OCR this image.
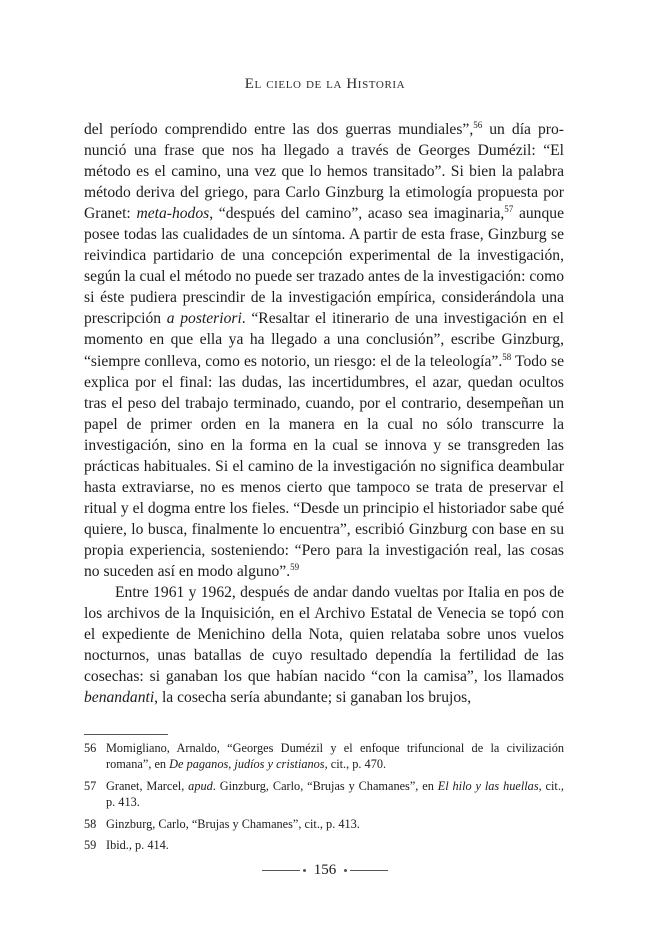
El cielo de la Historia

del período comprendido entre las dos guerras mundiales”,$^{56}$ un día pronunció una frase que nos ha llegado a través de Georges Dumézil: “El método es el camino, una vez que lo hemos transitado”. Si bien la palabra método deriva del griego, para Carlo Ginzburg la etimología propuesta por Granet: meta-hodos, “después del camino”, acaso sea imaginaria,$^{57}$ aunque posee todas las cualidades de un síntoma. A partir de esta frase, Ginzburg se reivindica partidario de una concepción experimental de la investigación, según la cual el método no puede ser trazado antes de la investigación: como si éste pudiera prescindir de la investigación empírica, considerándola una prescripción a posteriori. “Resaltar el itinerario de una investigación en el momento en que ella ya ha llegado a una conclusión”, escribe Ginzburg, “siempre conlleva, como es notorio, un riesgo: el de la teleología”.$^{58}$ Todo se explica por el final: las dudas, las incertidumbres, el azar, quedan ocultos tras el peso del trabajo terminado, cuando, por el contrario, desempeñan un papel de primer orden en la manera en la cual no sólo transcurre la investigación, sino en la forma en la cual se innova y se transgreden las prácticas habituales. Si el camino de la investigación no significa deambular hasta extraviarse, no es menos cierto que tampoco se trata de preservar el ritual y el dogma entre los fieles. “Desde un principio el historiador sabe qué quiere, lo busca, finalmente lo encuentra”, escribió Ginzburg con base en su propia experiencia, sosteniendo: “Pero para la investigación real, las cosas no suceden así en modo alguno”.$^{59}$

Entre 1961 y 1962, después de andar dando vueltas por Italia en pos de los archivos de la Inquisición, en el Archivo Estatal de Venecia se topó con el expediente de Menichino della Nota, quien relataba sobre unos vuelos nocturnos, unas batallas de cuyo resultado dependía la fertilidad de las cosechas: si ganaban los que habían nacido “con la camisa”, los llamados benandanti, la cosecha sería abundante; si ganaban los brujos,

56 Momigliano, Arnaldo, “Georges Dumézil y el enfoque trifuncional de la civilización romana”, en De paganos, judíos y cristianos, cit., p. 470.
57 Granet, Marcel, apud. Ginzburg, Carlo, “Brujas y Chamanes”, en El hilo y las huellas, cit., p. 413.
58 Ginzburg, Carlo, “Brujas y Chamanes”, cit., p. 413.
59 Ibid., p. 414.
156
